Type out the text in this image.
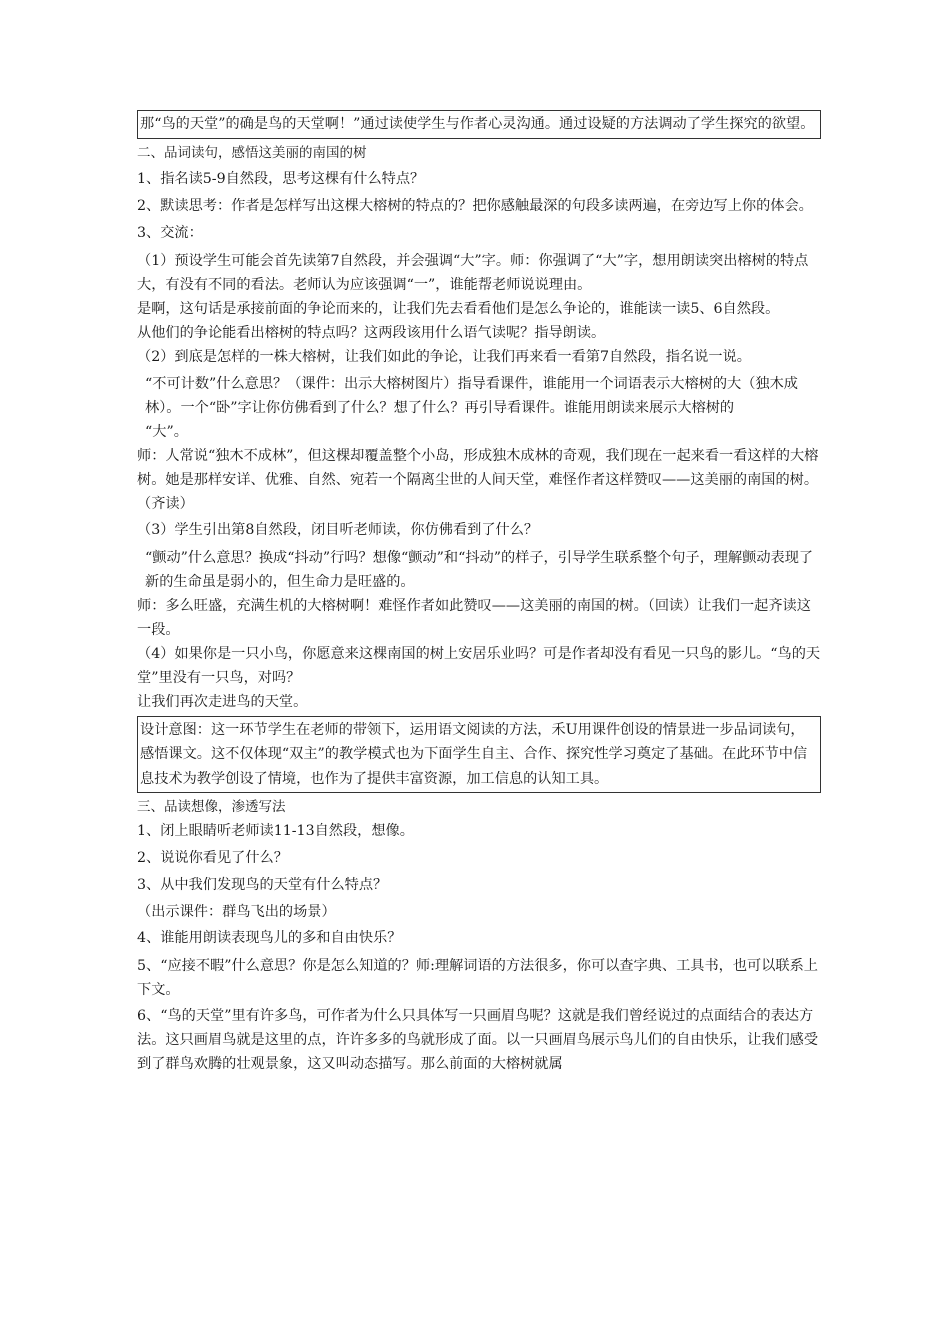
那“鸟的天堂”的确是鸟的天堂啊！”通过读使学生与作者心灵沟通。通过设疑的方法调动了学生探究的欲望。

二、品词读句，感悟这美丽的南国的树

1、指名读5-9自然段，思考这棵有什么特点？

2、默读思考：作者是怎样写出这棵大榕树的特点的？把你感触最深的句段多读两遍，在旁边写上你的体会。

3、交流：

（1）预设学生可能会首先读第7自然段，并会强调“大”字。师：你强调了“大”字，想用朗读突出榕树的特点大，有没有不同的看法。老师认为应该强调“一”，谁能帮老师说说理由。

是啊，这句话是承接前面的争论而来的，让我们先去看看他们是怎么争论的，谁能读一读5、6自然段。

从他们的争论能看出榕树的特点吗？这两段该用什么语气读呢？指导朗读。

（2）到底是怎样的一株大榕树，让我们如此的争论，让我们再来看一看第7自然段，指名说一说。

“不可计数”什么意思？（课件：出示大榕树图片）指导看课件，谁能用一个词语表示大榕树的大（独木成林）。一个“卧”字让你仿佛看到了什么？想了什么？再引导看课件。谁能用朗读来展示大榕树的

“大”。

师：人常说“独木不成林”，但这棵却覆盖整个小岛，形成独木成林的奇观，我们现在一起来看一看这样的大榕树。她是那样安详、优雅、自然、宛若一个隔离尘世的人间天堂，难怪作者这样赞叹——这美丽的南国的树。（齐读）

（3）学生引出第8自然段，闭目听老师读，你仿佛看到了什么？

“颤动”什么意思？换成“抖动”行吗？想像“颤动”和“抖动”的样子，引导学生联系整个句子，理解颤动表现了新的生命虽是弱小的，但生命力是旺盛的。

师：多么旺盛，充满生机的大榕树啊！难怪作者如此赞叹——这美丽的南国的树。（回读）让我们一起齐读这一段。

（4）如果你是一只小鸟，你愿意来这棵南国的树上安居乐业吗？可是作者却没有看见一只鸟的影儿。“鸟的天堂”里没有一只鸟，对吗？

让我们再次走进鸟的天堂。

设计意图：这一环节学生在老师的带领下，运用语文阅读的方法，禾U用课件创设的情景进一步品词读句，感悟课文。这不仅体现“双主”的教学模式也为下面学生自主、合作、探究性学习奠定了基础。在此环节中信息技术为教学创设了情境，也作为了提供丰富资源，加工信息的认知工具。

三、品读想像，渗透写法

1、闭上眼睛听老师读11-13自然段，想像。

2、说说你看见了什么？

3、从中我们发现鸟的天堂有什么特点？

（出示课件：群鸟飞出的场景）

4、谁能用朗读表现鸟儿的多和自由快乐？

5、“应接不暇”什么意思？你是怎么知道的？师:理解词语的方法很多，你可以查字典、工具书，也可以联系上下文。

6、“鸟的天堂”里有许多鸟，可作者为什么只具体写一只画眉鸟呢？这就是我们曾经说过的点面结合的表达方法。这只画眉鸟就是这里的点，许许多多的鸟就形成了面。以一只画眉鸟展示鸟儿们的自由快乐，让我们感受到了群鸟欢腾的壮观景象，这又叫动态描写。那么前面的大榕树就属
